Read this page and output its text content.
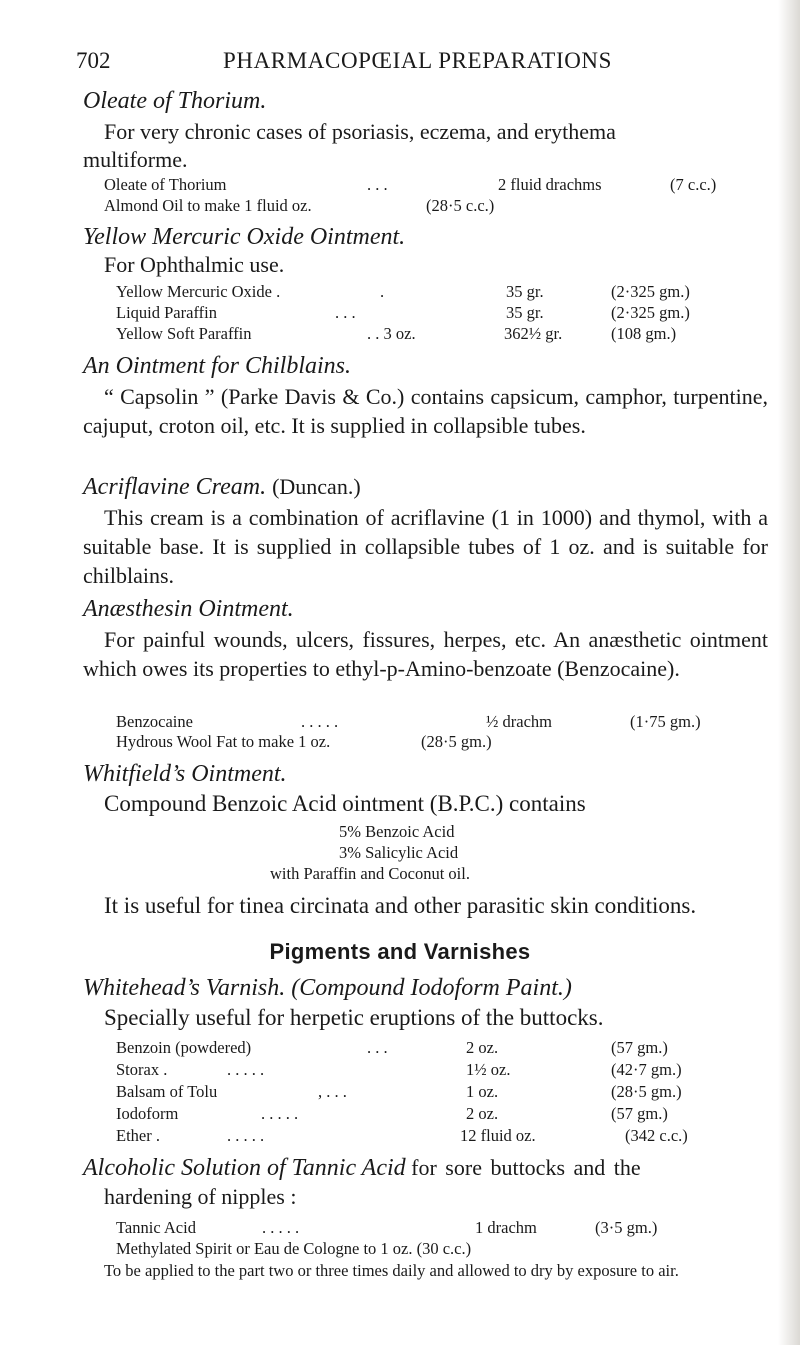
702	PHARMACOPŒIAL PREPARATIONS
Oleate of Thorium.
For very chronic cases of psoriasis, eczema, and erythema
multiforme.
Oleate of Thorium	. . .	2 fluid drachms	(7 c.c.)
Almond Oil to make 1 fluid oz.	(28·5 c.c.)
Yellow Mercuric Oxide Ointment.
For Ophthalmic use.
Yellow Mercuric Oxide .	.	35 gr.	(2·325 gm.)
Liquid Paraffin	. . .	35 gr.	(2·325 gm.)
Yellow Soft Paraffin	. . 3 oz.	362½ gr.	(108 gm.)
An Ointment for Chilblains.
“ Capsolin ” (Parke Davis & Co.) contains capsicum, camphor, turpentine, cajuput, croton oil, etc. It is supplied in collapsible tubes.
Acriflavine Cream. (Duncan.)
This cream is a combination of acriflavine (1 in 1000) and thymol, with a suitable base. It is supplied in collapsible tubes of 1 oz. and is suitable for chilblains.
Anæsthesin Ointment.
For painful wounds, ulcers, fissures, herpes, etc. An anæsthetic ointment which owes its properties to ethyl-p-Amino-benzoate (Benzocaine).
Benzocaine	. . . . .	½ drachm	(1·75 gm.)
Hydrous Wool Fat to make 1 oz.	(28·5 gm.)
Whitfield’s Ointment.
Compound Benzoic Acid ointment (B.P.C.) contains
5% Benzoic Acid
3% Salicylic Acid
with Paraffin and Coconut oil.
It is useful for tinea circinata and other parasitic skin conditions.
Pigments and Varnishes
Whitehead’s Varnish. (Compound Iodoform Paint.)
Specially useful for herpetic eruptions of the buttocks.
Benzoin (powdered)	. . .	2 oz.	(57 gm.)
Storax .	. . . . .	1½ oz.	(42·7 gm.)
Balsam of Tolu	, . . .	1 oz.	(28·5 gm.)
Iodoform	. . . . .	2 oz.	(57 gm.)
Ether .	. . . . .	12 fluid oz.	(342 c.c.)
Alcoholic Solution of Tannic Acid for sore buttocks and the
hardening of nipples :
Tannic Acid	. . . . .	1 drachm	(3·5 gm.)
Methylated Spirit or Eau de Cologne to 1 oz. (30 c.c.)
To be applied to the part two or three times daily and allowed to dry by exposure to air.
